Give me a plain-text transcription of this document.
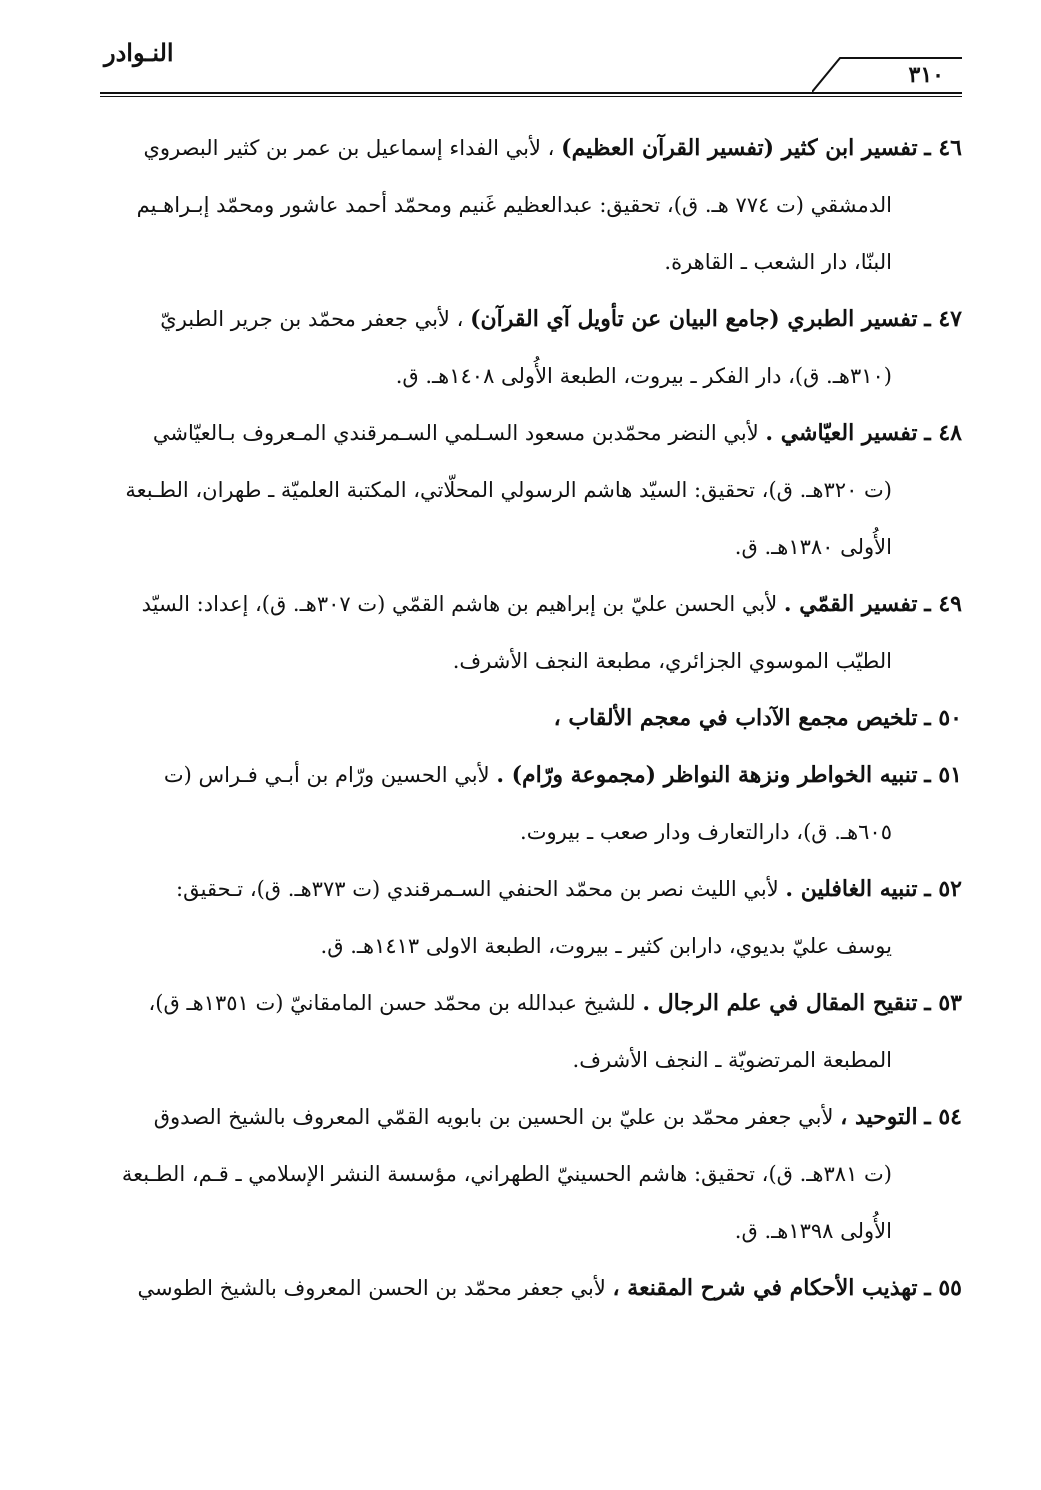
النـوادر
٣١٠
٤٦ ـ تفسير ابن كثير (تفسير القرآن العظيم) ، لأبي الفداء إسماعيل بن عمر بن كثير البصروي
الدمشقي (ت ٧٧٤ هـ. ق)، تحقيق: عبدالعظيم غَنيم ومحمّد أحمد عاشور ومحمّد إبـراهـيم
البنّا، دار الشعب ـ القاهرة.
٤٧ ـ تفسير الطبري (جامع البيان عن تأويل آي القرآن) ، لأبي جعفر محمّد بن جرير الطبريّ
(٣١٠هـ. ق)، دار الفكر ـ بيروت، الطبعة الأُولى ١٤٠٨هـ. ق.
٤٨ ـ تفسير العيّاشي . لأبي النضر محمّدبن مسعود السـلمي السـمرقندي المـعروف بـالعيّاشي
(ت ٣٢٠هـ. ق)، تحقيق: السيّد هاشم الرسولي المحلّاتي، المكتبة العلميّة ـ طهران، الطـبعة
الأُولى ١٣٨٠هـ. ق.
٤٩ ـ تفسير القمّي . لأبي الحسن عليّ بن إبراهيم بن هاشم القمّي (ت ٣٠٧هـ. ق)، إعداد: السيّد
الطيّب الموسوي الجزائري، مطبعة النجف الأشرف.
٥٠ ـ تلخيص مجمع الآداب في معجم الألقاب ،
٥١ ـ تنبيه الخواطر ونزهة النواظر (مجموعة ورّام) . لأبي الحسين ورّام بن أبـي فـراس (ت
٦٠٥هـ. ق)، دارالتعارف ودار صعب ـ بيروت.
٥٢ ـ تنبيه الغافلين . لأبي الليث نصر بن محمّد الحنفي السـمرقندي (ت ٣٧٣هـ. ق)، تـحقيق:
يوسف عليّ بديوي، دارابن كثير ـ بيروت، الطبعة الاولى ١٤١٣هـ. ق.
٥٣ ـ تنقيح المقال في علم الرجال . للشيخ عبدالله بن محمّد حسن المامقانيّ (ت ١٣٥١هـ ق)،
المطبعة المرتضويّة ـ النجف الأشرف.
٥٤ ـ التوحيد ، لأبي جعفر محمّد بن عليّ بن الحسين بن بابويه القمّي المعروف بالشيخ الصدوق
(ت ٣٨١هـ. ق)، تحقيق: هاشم الحسينيّ الطهراني، مؤسسة النشر الإسلامي ـ قـم، الطـبعة
الأُولى ١٣٩٨هـ. ق.
٥٥ ـ تهذيب الأحكام في شرح المقنعة ، لأبي جعفر محمّد بن الحسن المعروف بالشيخ الطوسي
